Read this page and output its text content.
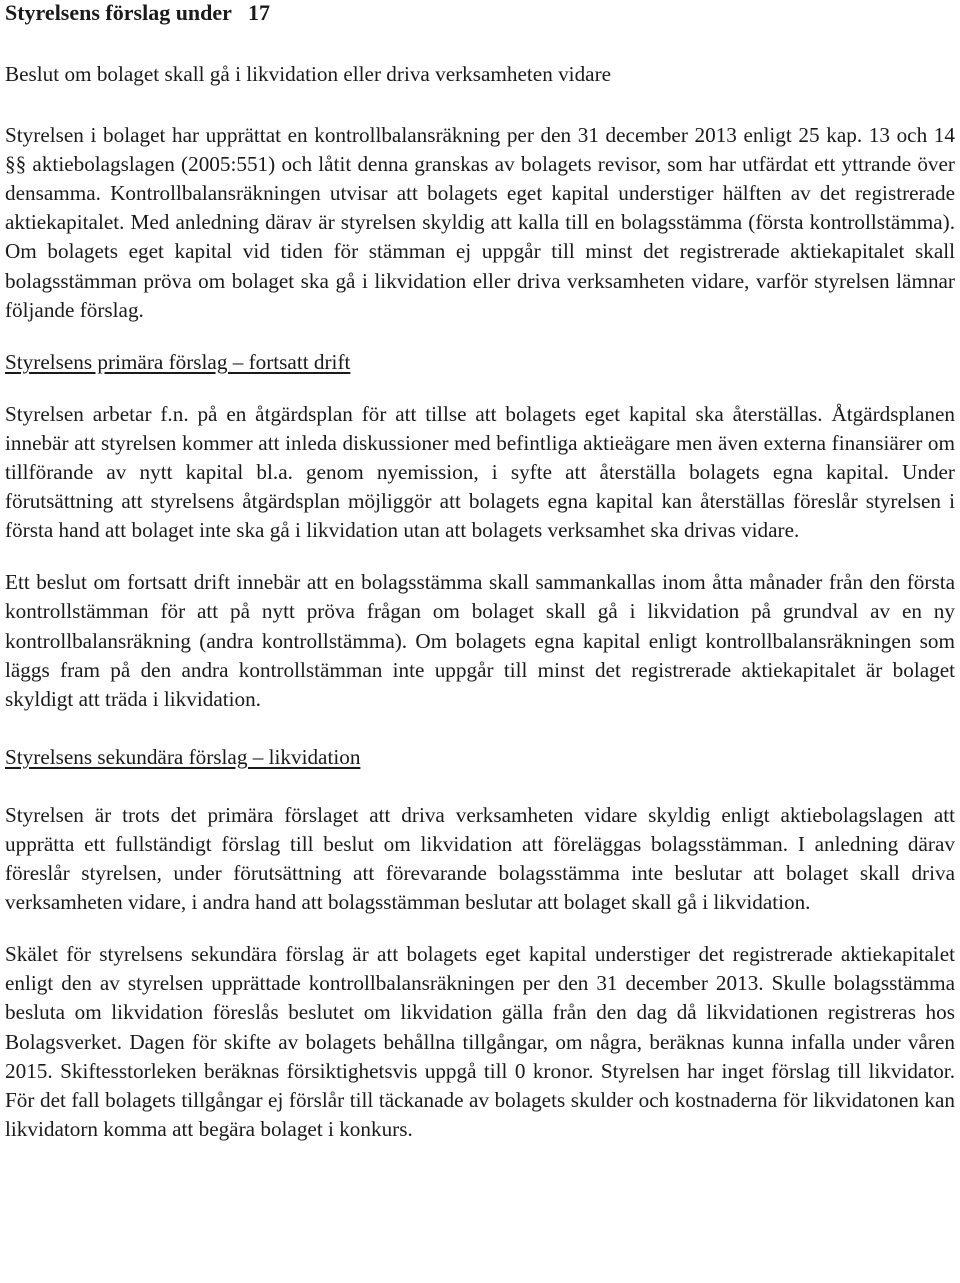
Styrelsens förslag under   17

Beslut om bolaget skall gå i likvidation eller driva verksamheten vidare

Styrelsen i bolaget har upprättat en kontrollbalansräkning per den 31 december 2013 enligt 25 kap. 13 och 14 §§ aktiebolagslagen (2005:551) och låtit denna granskas av bolagets revisor, som har utfärdat ett yttrande över densamma. Kontrollbalansräkningen utvisar att bolagets eget kapital understiger hälften av det registrerade aktiekapitalet. Med anledning därav är styrelsen skyldig att kalla till en bolagsstämma (första kontrollstämma). Om bolagets eget kapital vid tiden för stämman ej uppgår till minst det registrerade aktiekapitalet skall bolagsstämman pröva om bolaget ska gå i likvidation eller driva verksamheten vidare, varför styrelsen lämnar följande förslag.

Styrelsens primära förslag – fortsatt drift

Styrelsen arbetar f.n. på en åtgärdsplan för att tillse att bolagets eget kapital ska återställas. Åtgärdsplanen innebär att styrelsen kommer att inleda diskussioner med befintliga aktieägare men även externa finansiärer om tillförande av nytt kapital bl.a. genom nyemission, i syfte att återställa bolagets egna kapital. Under förutsättning att styrelsens åtgärdsplan möjliggör att bolagets egna kapital kan återställas föreslår styrelsen i första hand att bolaget inte ska gå i likvidation utan att bolagets verksamhet ska drivas vidare.

Ett beslut om fortsatt drift innebär att en bolagsstämma skall sammankallas inom åtta månader från den första kontrollstämman för att på nytt pröva frågan om bolaget skall gå i likvidation på grundval av en ny kontrollbalansräkning (andra kontrollstämma). Om bolagets egna kapital enligt kontrollbalansräkningen som läggs fram på den andra kontrollstämman inte uppgår till minst det registrerade aktiekapitalet är bolaget skyldigt att träda i likvidation.

Styrelsens sekundära förslag – likvidation

Styrelsen är trots det primära förslaget att driva verksamheten vidare skyldig enligt aktiebolagslagen att upprätta ett fullständigt förslag till beslut om likvidation att föreläggas bolagsstämman. I anledning därav föreslår styrelsen, under förutsättning att förevarande bolagsstämma inte beslutar att bolaget skall driva verksamheten vidare, i andra hand att bolagsstämman beslutar att bolaget skall gå i likvidation.

Skälet för styrelsens sekundära förslag är att bolagets eget kapital understiger det registrerade aktiekapitalet enligt den av styrelsen upprättade kontrollbalansräkningen per den 31 december 2013. Skulle bolagsstämma besluta om likvidation föreslås beslutet om likvidation gälla från den dag då likvidationen registreras hos Bolagsverket. Dagen för skifte av bolagets behållna tillgångar, om några, beräknas kunna infalla under våren 2015. Skiftesstorleken beräknas försiktighetsvis uppgå till 0 kronor. Styrelsen har inget förslag till likvidator. För det fall bolagets tillgångar ej förslår till täckanade av bolagets skulder och kostnaderna för likvidatonen kan likvidatorn komma att begära bolaget i konkurs.
